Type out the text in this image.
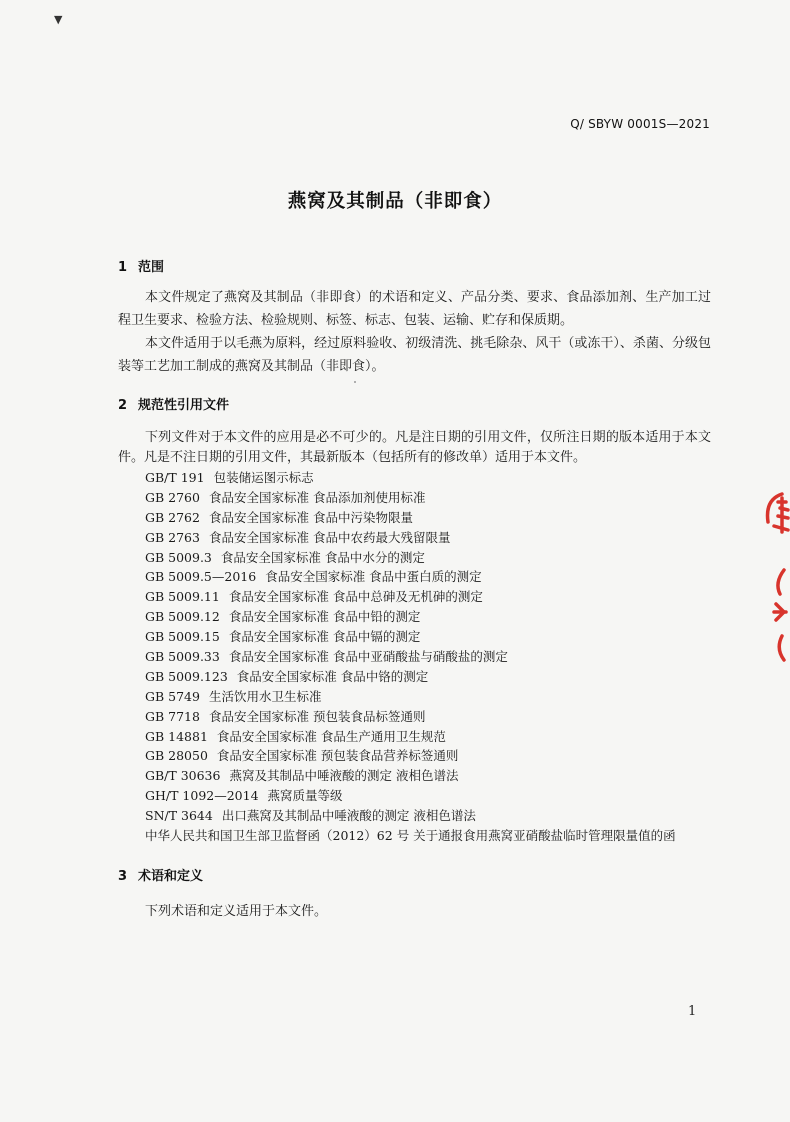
▼
Q/ SBYW 0001S—2021
燕窝及其制品（非即食）
1 范围

本文件规定了燕窝及其制品（非即食）的术语和定义、产品分类、要求、食品添加剂、生产加工过程卫生要求、检验方法、检验规则、标签、标志、包装、运输、贮存和保质期。

本文件适用于以毛燕为原料，经过原料验收、初级清洗、挑毛除杂、风干（或冻干）、杀菌、分级包装等工艺加工制成的燕窝及其制品（非即食）。

2 规范性引用文件

下列文件对于本文件的应用是必不可少的。凡是注日期的引用文件，仅所注日期的版本适用于本文件。凡是不注日期的引用文件，其最新版本（包括所有的修改单）适用于本文件。

GB/T 191 包装储运图示标志
GB 2760 食品安全国家标准 食品添加剂使用标准
GB 2762 食品安全国家标准 食品中污染物限量
GB 2763 食品安全国家标准 食品中农药最大残留限量
GB 5009.3 食品安全国家标准 食品中水分的测定
GB 5009.5—2016 食品安全国家标准 食品中蛋白质的测定
GB 5009.11 食品安全国家标准 食品中总砷及无机砷的测定
GB 5009.12 食品安全国家标准 食品中铅的测定
GB 5009.15 食品安全国家标准 食品中镉的测定
GB 5009.33 食品安全国家标准 食品中亚硝酸盐与硝酸盐的测定
GB 5009.123 食品安全国家标准 食品中铬的测定
GB 5749 生活饮用水卫生标准
GB 7718 食品安全国家标准 预包装食品标签通则
GB 14881 食品安全国家标准 食品生产通用卫生规范
GB 28050 食品安全国家标准 预包装食品营养标签通则
GB/T 30636 燕窝及其制品中唾液酸的测定 液相色谱法
GH/T 1092—2014 燕窝质量等级
SN/T 3644 出口燕窝及其制品中唾液酸的测定 液相色谱法
中华人民共和国卫生部卫监督函（2012）62 号 关于通报食用燕窝亚硝酸盐临时管理限量值的函
3 术语和定义

下列术语和定义适用于本文件。

1
